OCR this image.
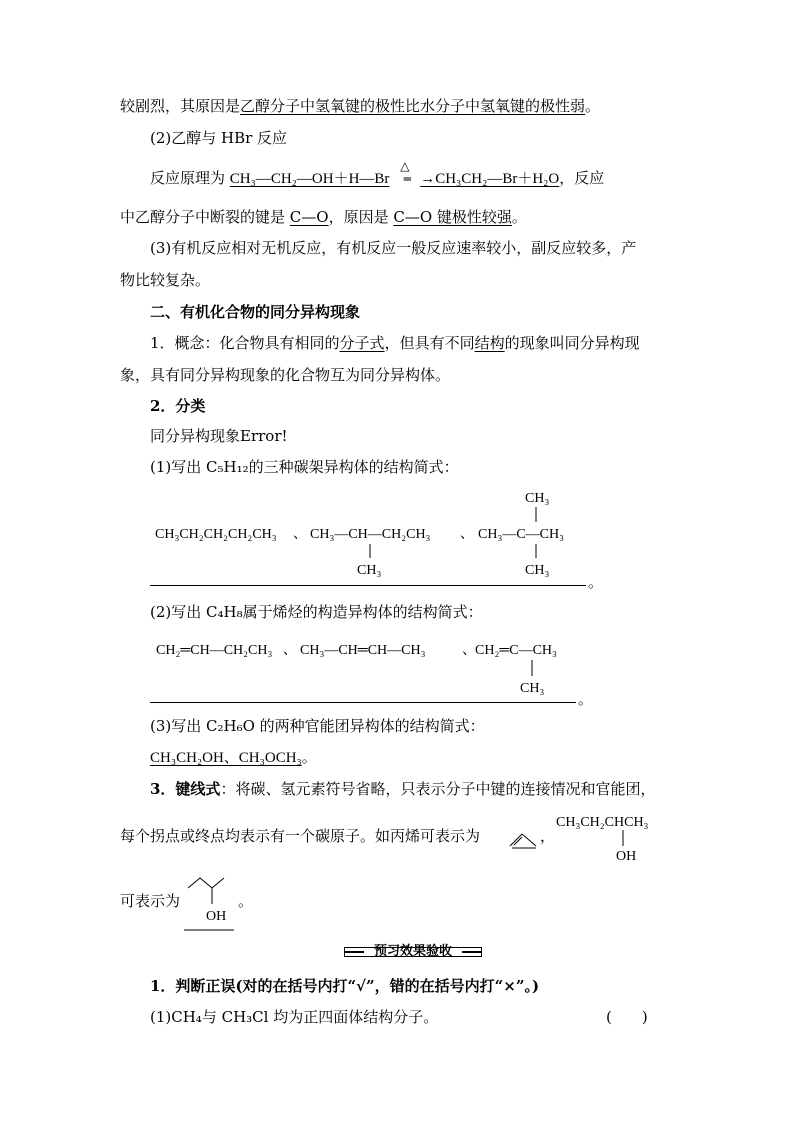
较剧烈，其原因是乙醇分子中氢氧键的极性比水分子中氢氧键的极性弱。
(2)乙醇与 HBr 反应
反应原理为 CH₃—CH₂—OH＋H—Br
△
═ →CH₃CH₂—Br＋H₂O，反应
中乙醇分子中断裂的键是 C—O，原因是 C—O 键极性较强。
(3)有机反应相对无机反应，有机反应一般反应速率较小，副反应较多，产
物比较复杂。
二、有机化合物的同分异构现象
1．概念：化合物具有相同的分子式，但具有不同结构的现象叫同分异构现
象，具有同分异构现象的化合物互为同分异构体。
2．分类
同分异构现象Error!
(1)写出 C₅H₁₂的三种碳架异构体的结构简式：
CH₃CH₂CH₂CH₂CH₃ 、 CH₃—CH—CH₂CH₃
CH₃
、
CH₃
CH₃—C—CH₃
CH₃
。
(2)写出 C₄H₈属于烯烃的构造异构体的结构简式：
CH₂═CH—CH₂CH₃ 、 CH₃—CH═CH—CH₃	、 CH₂═C—CH₃
CH₃
。
(3)写出 C₂H₆O 的两种官能团异构体的结构简式：
CH₃CH₂OH、CH₃OCH₃。
3．键线式：将碳、氢元素符号省略，只表示分子中键的连接情况和官能团，
每个拐点或终点均表示有一个碳原子。如丙烯可表示为	，
CH₃CH₂CHCH₃
OH
可表示为
OH
。
预习效果验收
1．判断正误(对的在括号内打“√”，错的在括号内打“×”。)
(1)CH₄与 CH₃Cl 均为正四面体结构分子。	(　　)
